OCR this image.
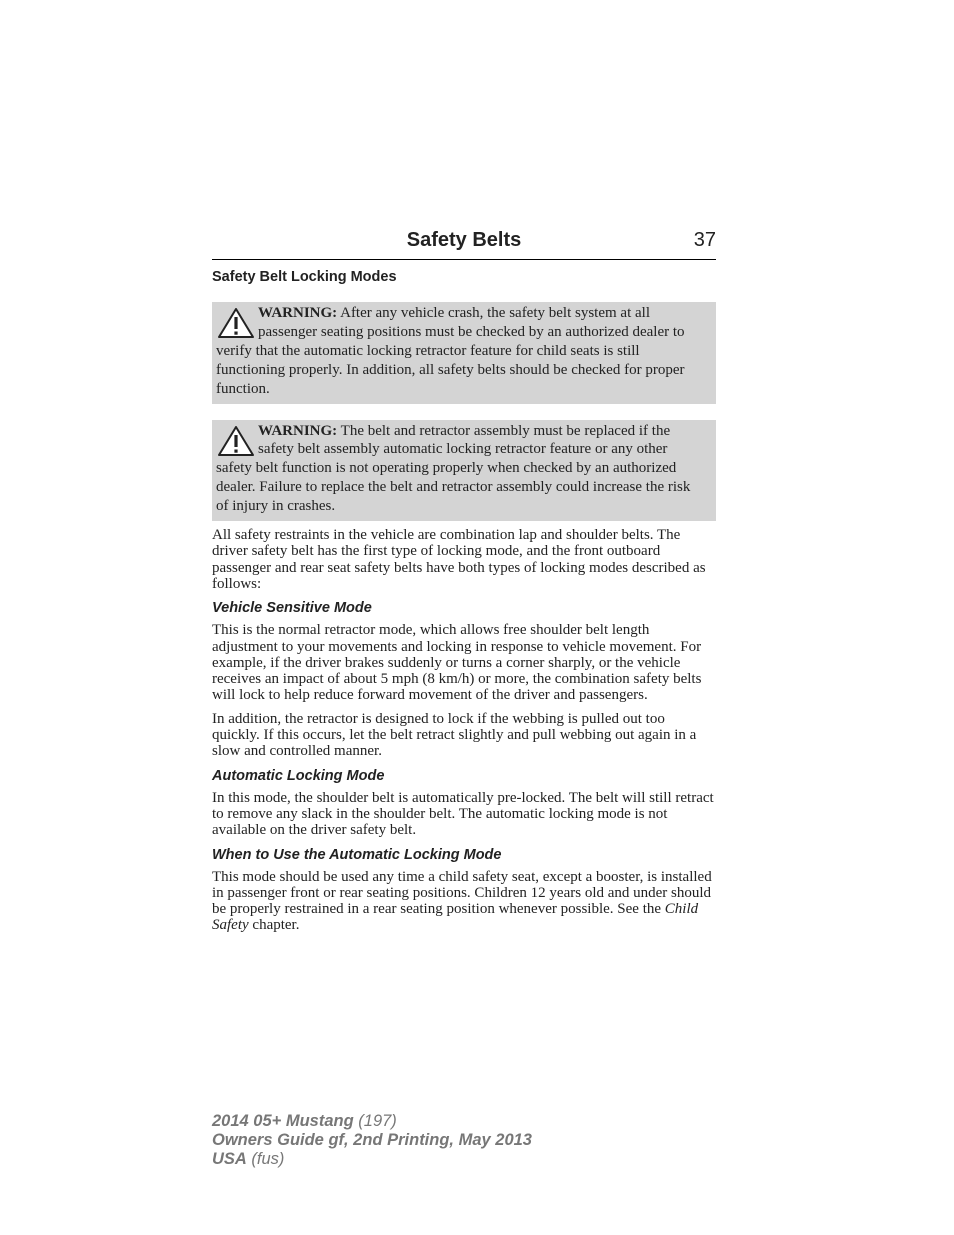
Safety Belts	37
Safety Belt Locking Modes
WARNING: After any vehicle crash, the safety belt system at all passenger seating positions must be checked by an authorized dealer to verify that the automatic locking retractor feature for child seats is still functioning properly. In addition, all safety belts should be checked for proper function.
WARNING: The belt and retractor assembly must be replaced if the safety belt assembly automatic locking retractor feature or any other safety belt function is not operating properly when checked by an authorized dealer. Failure to replace the belt and retractor assembly could increase the risk of injury in crashes.

All safety restraints in the vehicle are combination lap and shoulder belts. The driver safety belt has the first type of locking mode, and the front outboard passenger and rear seat safety belts have both types of locking modes described as follows:

Vehicle Sensitive Mode

This is the normal retractor mode, which allows free shoulder belt length adjustment to your movements and locking in response to vehicle movement. For example, if the driver brakes suddenly or turns a corner sharply, or the vehicle receives an impact of about 5 mph (8 km/h) or more, the combination safety belts will lock to help reduce forward movement of the driver and passengers.

In addition, the retractor is designed to lock if the webbing is pulled out too quickly. If this occurs, let the belt retract slightly and pull webbing out again in a slow and controlled manner.

Automatic Locking Mode

In this mode, the shoulder belt is automatically pre-locked. The belt will still retract to remove any slack in the shoulder belt. The automatic locking mode is not available on the driver safety belt.

When to Use the Automatic Locking Mode

This mode should be used any time a child safety seat, except a booster, is installed in passenger front or rear seating positions. Children 12 years old and under should be properly restrained in a rear seating position whenever possible. See the Child Safety chapter.

2014 05+ Mustang (197)
Owners Guide gf, 2nd Printing, May 2013
USA (fus)
